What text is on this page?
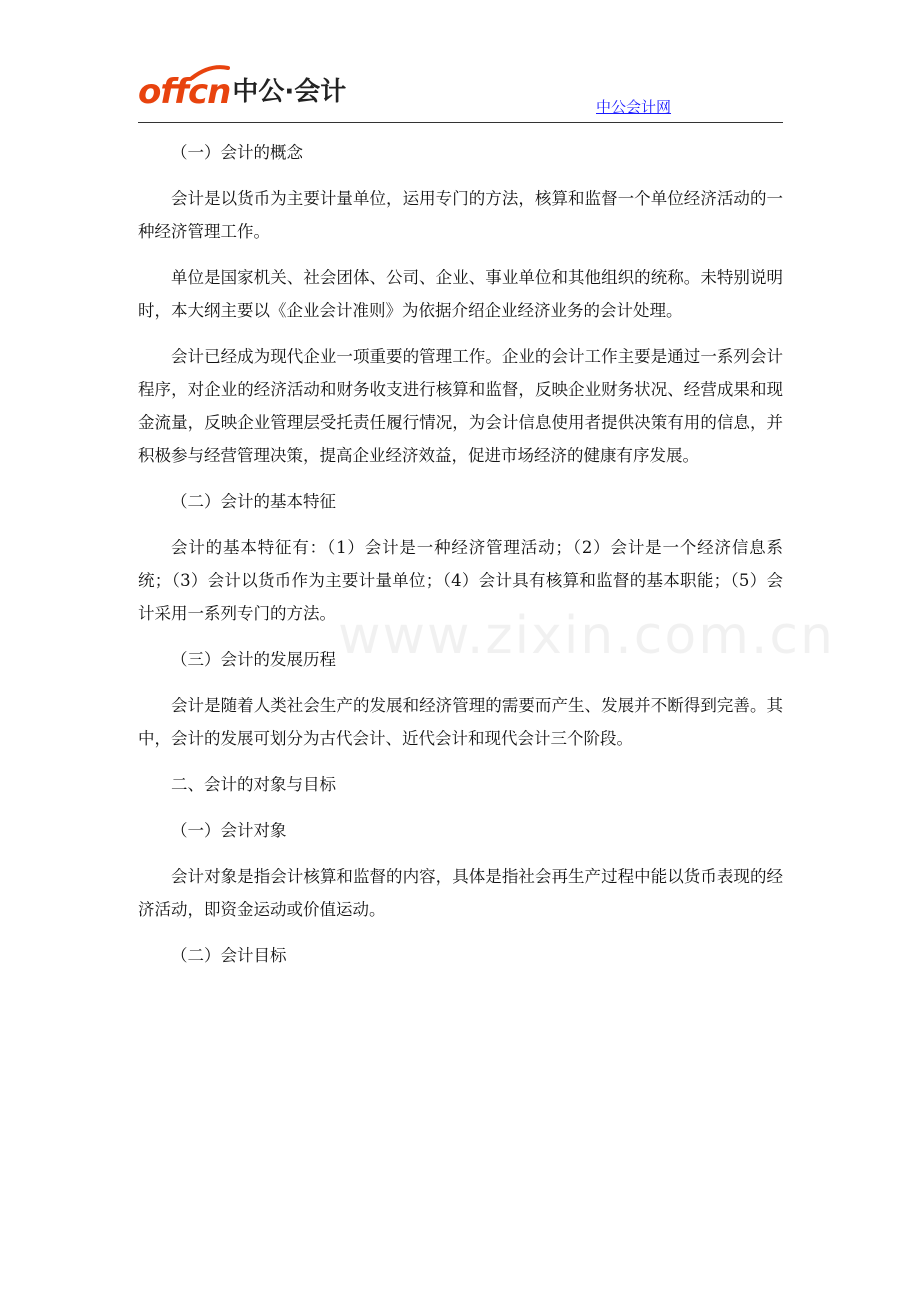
offcn 中公·会计	中公会计网
www.zixin.com.cn

（一）会计的概念

会计是以货币为主要计量单位，运用专门的方法，核算和监督一个单位经济活动的一种经济管理工作。

单位是国家机关、社会团体、公司、企业、事业单位和其他组织的统称。未特别说明时，本大纲主要以《企业会计准则》为依据介绍企业经济业务的会计处理。

会计已经成为现代企业一项重要的管理工作。企业的会计工作主要是通过一系列会计程序，对企业的经济活动和财务收支进行核算和监督，反映企业财务状况、经营成果和现金流量，反映企业管理层受托责任履行情况，为会计信息使用者提供决策有用的信息，并积极参与经营管理决策，提高企业经济效益，促进市场经济的健康有序发展。

（二）会计的基本特征

会计的基本特征有：（1）会计是一种经济管理活动；（2）会计是一个经济信息系统；（3）会计以货币作为主要计量单位；（4）会计具有核算和监督的基本职能；（5）会计采用一系列专门的方法。

（三）会计的发展历程

会计是随着人类社会生产的发展和经济管理的需要而产生、发展并不断得到完善。其中，会计的发展可划分为古代会计、近代会计和现代会计三个阶段。

二、会计的对象与目标

（一）会计对象

会计对象是指会计核算和监督的内容，具体是指社会再生产过程中能以货币表现的经济活动，即资金运动或价值运动。

（二）会计目标
